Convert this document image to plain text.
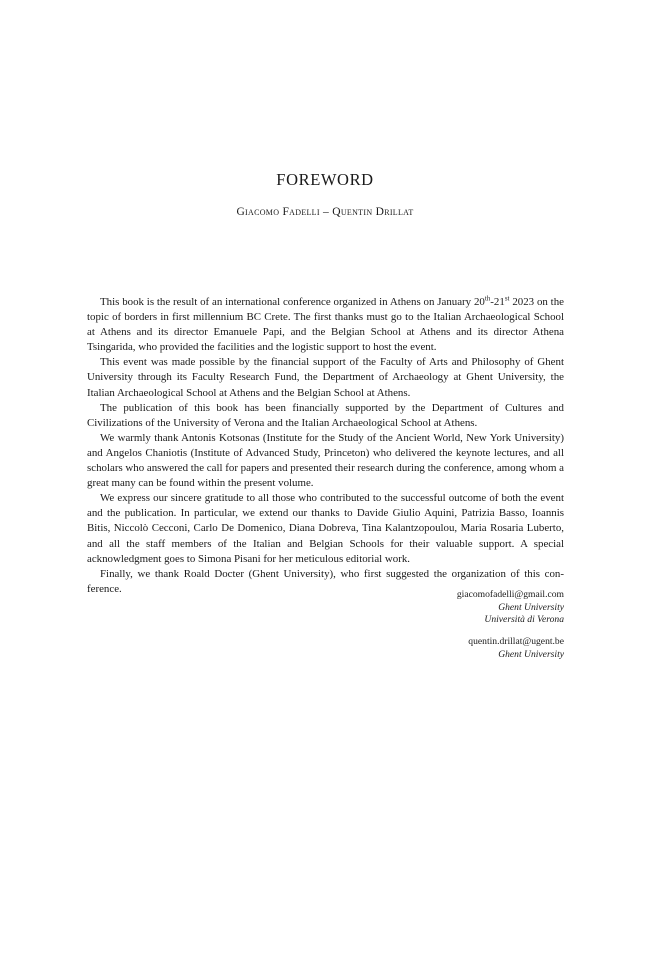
FOREWORD
Giacomo Fadelli – Quentin Drillat

This book is the result of an international conference organized in Athens on January 20th-21st 2023 on the topic of borders in first millennium BC Crete. The first thanks must go to the Italian Archaeological School at Athens and its director Emanuele Papi, and the Belgian School at Athens and its director Athena Tsingarida, who provided the facilities and the logistic support to host the event.

This event was made possible by the financial support of the Faculty of Arts and Philosophy of Ghent University through its Faculty Research Fund, the Department of Archaeology at Ghent University, the Italian Archaeological School at Athens and the Belgian School at Athens.

The publication of this book has been financially supported by the Department of Cultures and Civilizations of the University of Verona and the Italian Archaeological School at Athens.

We warmly thank Antonis Kotsonas (Institute for the Study of the Ancient World, New York University) and Angelos Chaniotis (Institute of Advanced Study, Princeton) who delivered the keynote lectures, and all scholars who answered the call for papers and presented their research during the conference, among whom a great many can be found within the present volume.

We express our sincere gratitude to all those who contributed to the successful outcome of both the event and the publication. In particular, we extend our thanks to Davide Giulio Aquini, Patrizia Basso, Ioannis Bitis, Niccolò Cecconi, Carlo De Domenico, Diana Dobreva, Tina Kalantzopoulou, Maria Rosaria Luberto, and all the staff members of the Italian and Belgian Schools for their valuable support. A special acknowledgment goes to Simona Pisani for her meticulous editorial work.

Finally, we thank Roald Docter (Ghent University), who first suggested the organization of this con-ference.	giacomofadelli@gmail.com
Ghent University
Università di Verona
quentin.drillat@ugent.be
Ghent University
